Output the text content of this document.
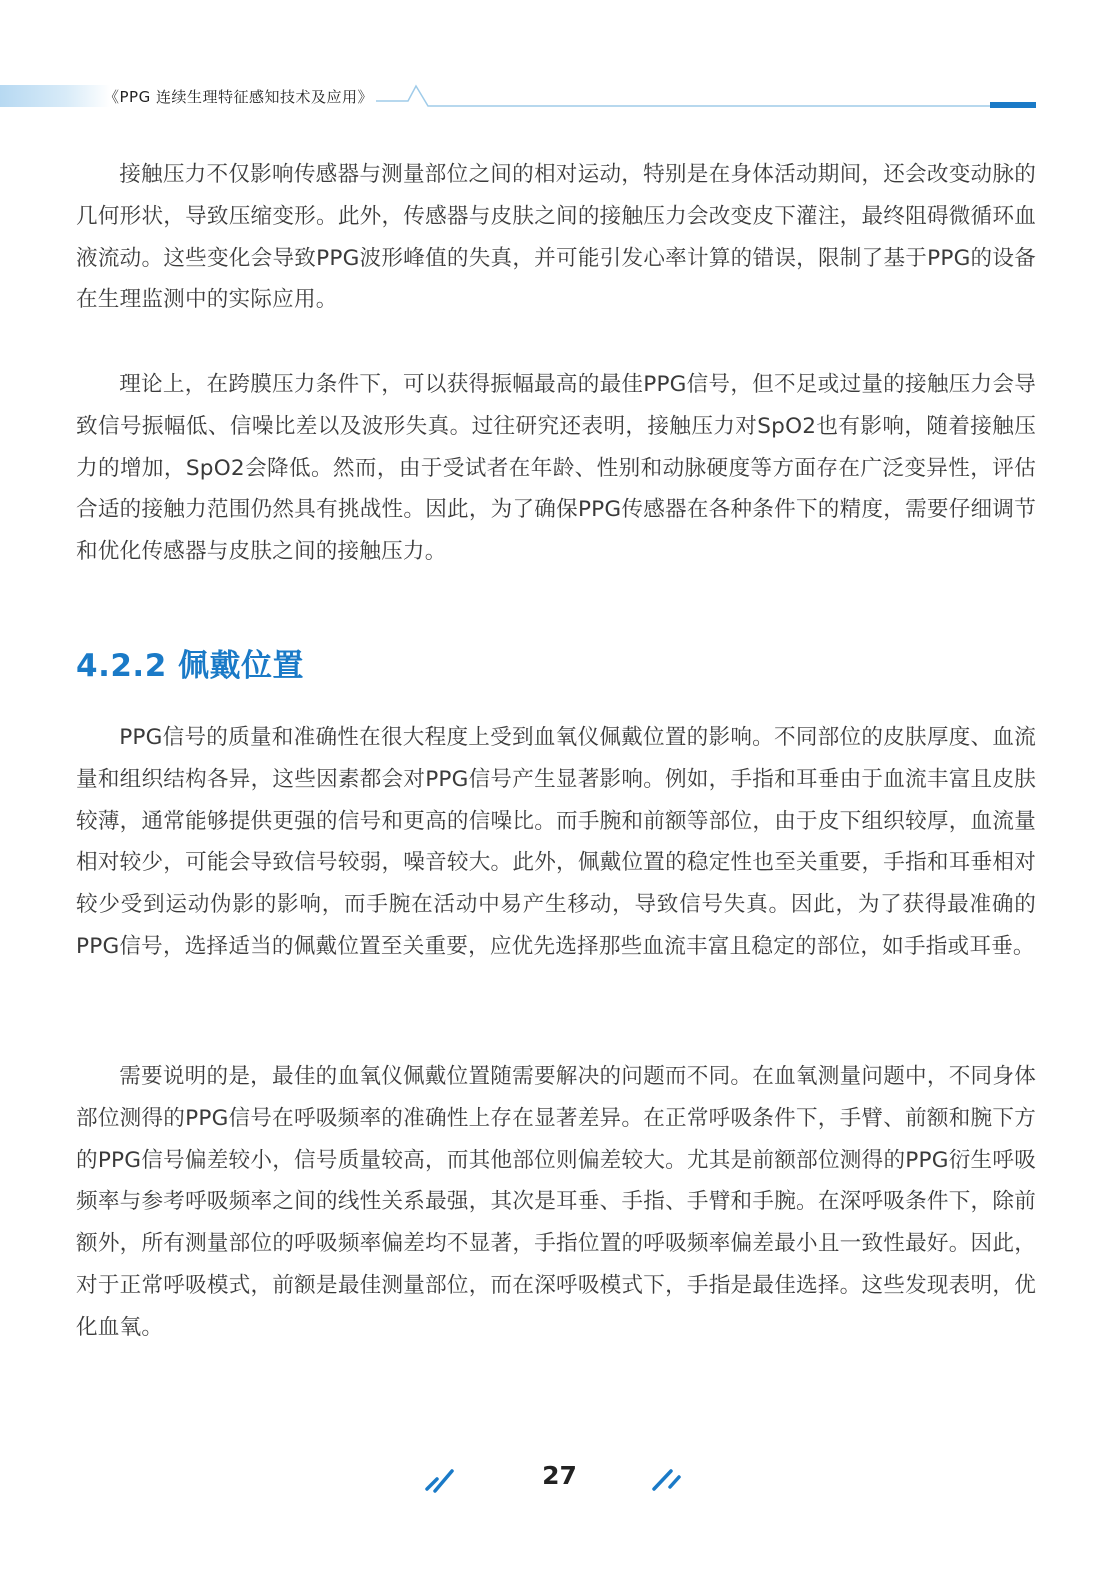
《PPG 连续生理特征感知技术及应用》

接触压力不仅影响传感器与测量部位之间的相对运动，特别是在身体活动期间，还会改变动脉的几何形状，导致压缩变形。此外，传感器与皮肤之间的接触压力会改变皮下灌注，最终阻碍微循环血液流动。这些变化会导致PPG波形峰值的失真，并可能引发心率计算的错误，限制了基于PPG的设备在生理监测中的实际应用。

理论上，在跨膜压力条件下，可以获得振幅最高的最佳PPG信号，但不足或过量的接触压力会导致信号振幅低、信噪比差以及波形失真。过往研究还表明，接触压力对SpO2也有影响，随着接触压力的增加，SpO2会降低。然而，由于受试者在年龄、性别和动脉硬度等方面存在广泛变异性，评估合适的接触力范围仍然具有挑战性。因此，为了确保PPG传感器在各种条件下的精度，需要仔细调节和优化传感器与皮肤之间的接触压力。

4.2.2 佩戴位置

PPG信号的质量和准确性在很大程度上受到血氧仪佩戴位置的影响。不同部位的皮肤厚度、血流量和组织结构各异，这些因素都会对PPG信号产生显著影响。例如，手指和耳垂由于血流丰富且皮肤较薄，通常能够提供更强的信号和更高的信噪比。而手腕和前额等部位，由于皮下组织较厚，血流量相对较少，可能会导致信号较弱，噪音较大。此外，佩戴位置的稳定性也至关重要，手指和耳垂相对较少受到运动伪影的影响，而手腕在活动中易产生移动，导致信号失真。因此，为了获得最准确的PPG信号，选择适当的佩戴位置至关重要，应优先选择那些血流丰富且稳定的部位，如手指或耳垂。

需要说明的是，最佳的血氧仪佩戴位置随需要解决的问题而不同。在血氧测量问题中，不同身体部位测得的PPG信号在呼吸频率的准确性上存在显著差异。在正常呼吸条件下，手臂、前额和腕下方的PPG信号偏差较小，信号质量较高，而其他部位则偏差较大。尤其是前额部位测得的PPG衍生呼吸频率与参考呼吸频率之间的线性关系最强，其次是耳垂、手指、手臂和手腕。在深呼吸条件下，除前额外，所有测量部位的呼吸频率偏差均不显著，手指位置的呼吸频率偏差最小且一致性最好。因此，对于正常呼吸模式，前额是最佳测量部位，而在深呼吸模式下，手指是最佳选择。这些发现表明，优化血氧。

27
